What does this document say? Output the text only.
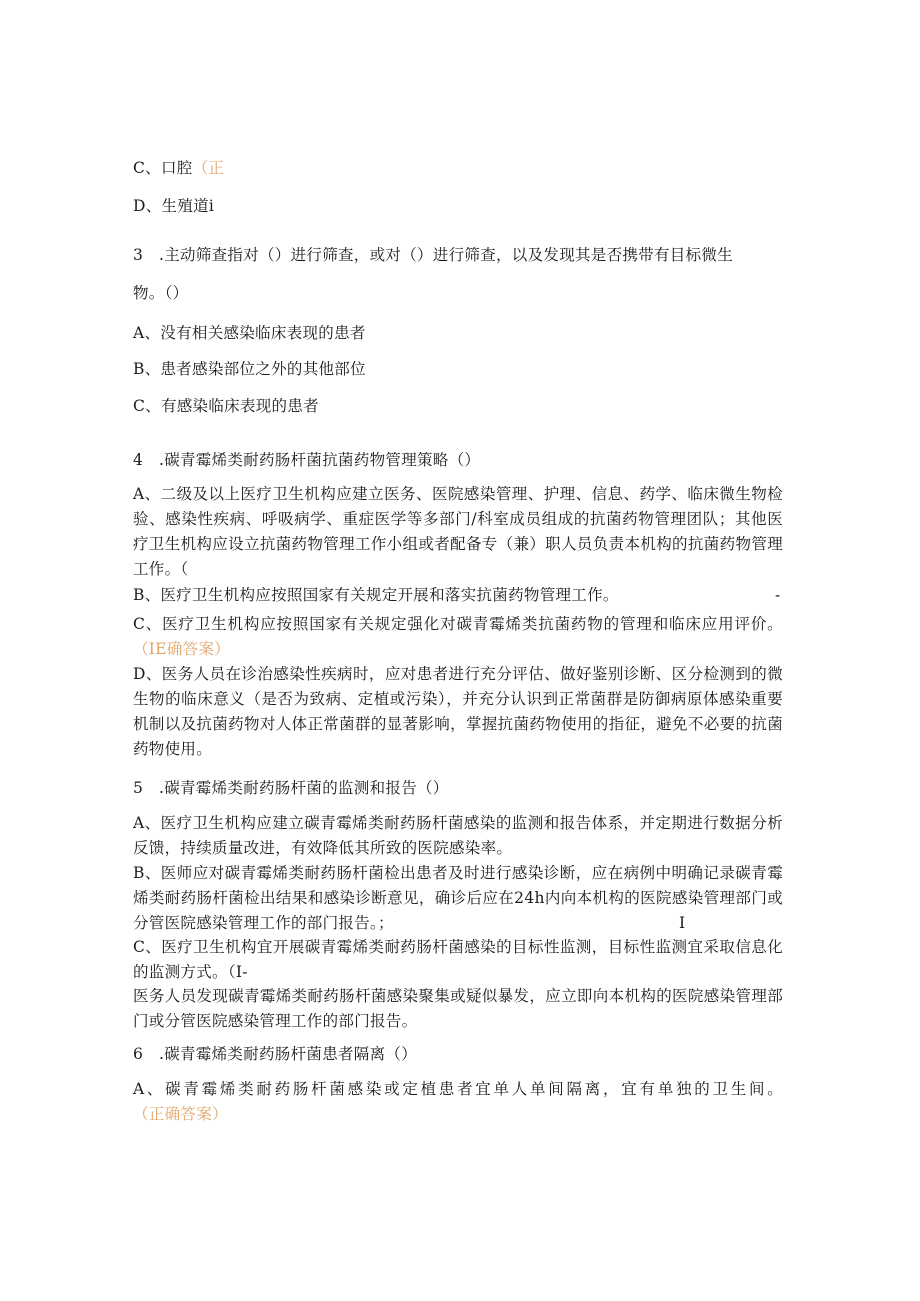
C、口腔（正
D、生殖道i
3 .主动筛查指对（）进行筛查，或对（）进行筛查，以及发现其是否携带有目标微生
物。（）
A、没有相关感染临床表现的患者
B、患者感染部位之外的其他部位
C、有感染临床表现的患者
4 .碳青霉烯类耐药肠杆菌抗菌药物管理策略（）
A、二级及以上医疗卫生机构应建立医务、医院感染管理、护理、信息、药学、临床微生物检验、感染性疾病、呼吸病学、重症医学等多部门/科室成员组成的抗菌药物管理团队；其他医疗卫生机构应设立抗菌药物管理工作小组或者配备专（兼）职人员负责本机构的抗菌药物管理工作。（
B、医疗卫生机构应按照国家有关规定开展和落实抗菌药物管理工作。	-
C、医疗卫生机构应按照国家有关规定强化对碳青霉烯类抗菌药物的管理和临床应用评价。（IE确答案）
D、医务人员在诊治感染性疾病时，应对患者进行充分评估、做好鉴别诊断、区分检测到的微生物的临床意义（是否为致病、定植或污染），并充分认识到正常菌群是防御病原体感染重要机制以及抗菌药物对人体正常菌群的显著影响，掌握抗菌药物使用的指征，避免不必要的抗菌药物使用。
5 .碳青霉烯类耐药肠杆菌的监测和报告（）
A、医疗卫生机构应建立碳青霉烯类耐药肠杆菌感染的监测和报告体系，并定期进行数据分析反馈，持续质量改进，有效降低其所致的医院感染率。
B、医师应对碳青霉烯类耐药肠杆菌检出患者及时进行感染诊断，应在病例中明确记录碳青霉烯类耐药肠杆菌检出结果和感染诊断意见，确诊后应在24h内向本机构的医院感染管理部门或分管医院感染管理工作的部门报告。；	I
C、医疗卫生机构宜开展碳青霉烯类耐药肠杆菌感染的目标性监测，目标性监测宜采取信息化的监测方式。（I-
医务人员发现碳青霉烯类耐药肠杆菌感染聚集或疑似暴发，应立即向本机构的医院感染管理部门或分管医院感染管理工作的部门报告。
6 .碳青霉烯类耐药肠杆菌患者隔离（）
A、碳青霉烯类耐药肠杆菌感染或定植患者宜单人单间隔离，宜有单独的卫生间。（正确答案）
